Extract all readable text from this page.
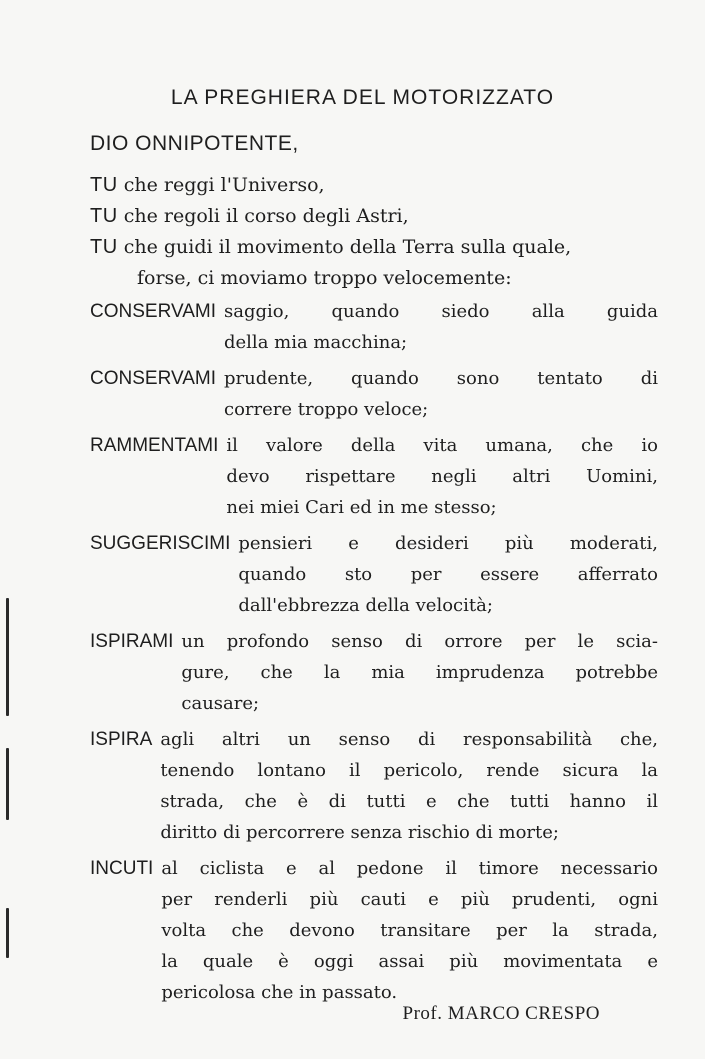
LA PREGHIERA DEL MOTORIZZATO
DIO ONNIPOTENTE,
TU che reggi l'Universo,
TU che regoli il corso degli Astri,
TU che guidi il movimento della Terra sulla quale,
forse, ci moviamo troppo velocemente:
CONSERVAMI saggio, quando siedo alla guida
della mia macchina;
CONSERVAMI prudente, quando sono tentato di
correre troppo veloce;
RAMMENTAMI il valore della vita umana, che io
devo rispettare negli altri Uomini,
nei miei Cari ed in me stesso;
SUGGERISCIMI pensieri e desideri più moderati,
quando sto per essere afferrato
dall'ebbrezza della velocità;
ISPIRAMI un profondo senso di orrore per le scia-
gure, che la mia imprudenza potrebbe
causare;
ISPIRA agli altri un senso di responsabilità che,
tenendo lontano il pericolo, rende sicura la
strada, che è di tutti e che tutti hanno il
diritto di percorrere senza rischio di morte;
INCUTI al ciclista e al pedone il timore necessario
per renderli più cauti e più prudenti, ogni
volta che devono transitare per la strada,
la quale è oggi assai più movimentata e
pericolosa che in passato.
Prof. MARCO CRESPO
